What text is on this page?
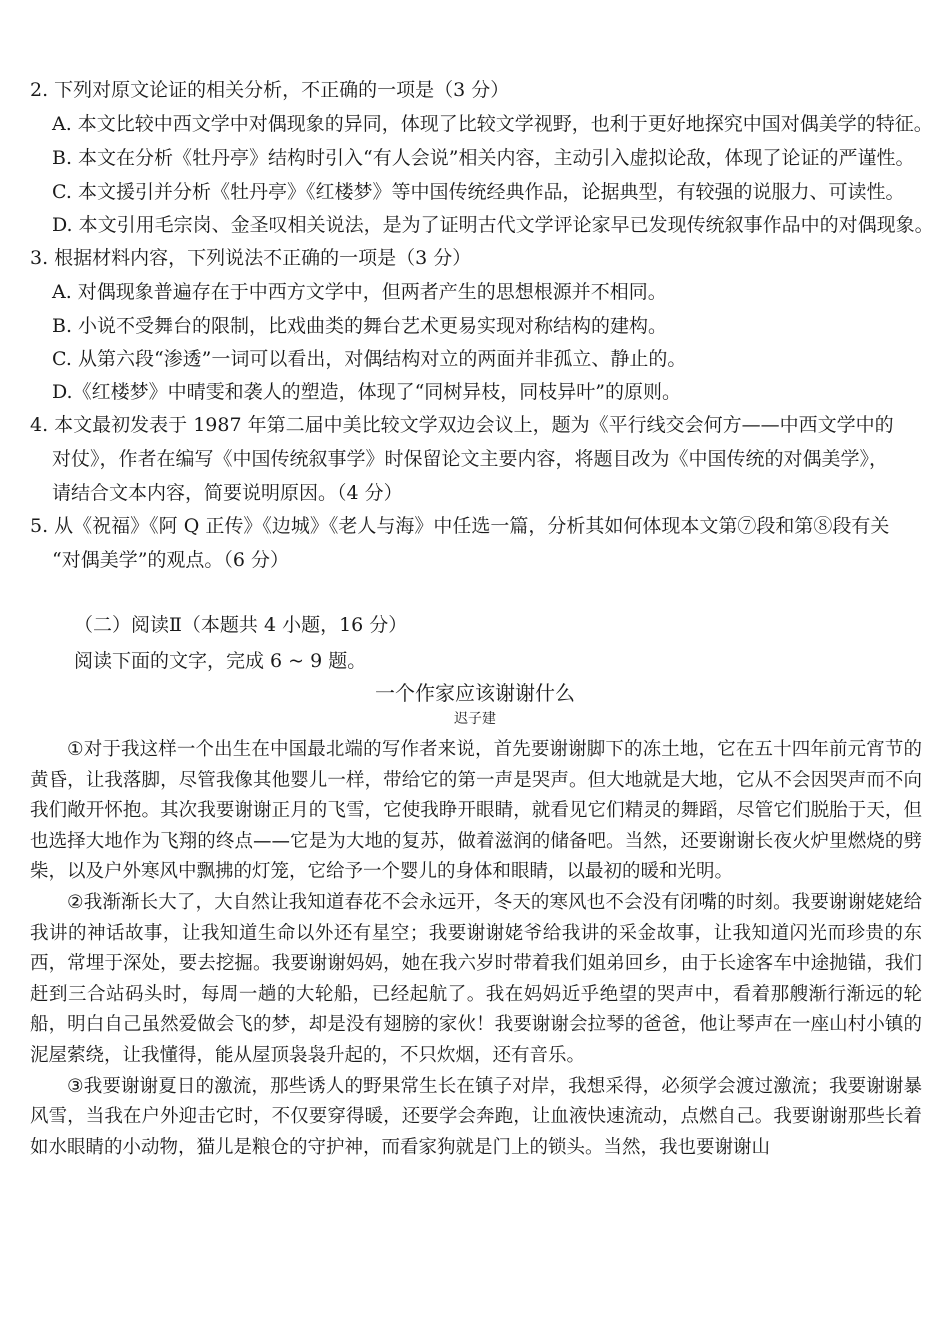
2. 下列对原文论证的相关分析，不正确的一项是（3 分）
A. 本文比较中西文学中对偶现象的异同，体现了比较文学视野，也利于更好地探究中国对偶美学的特征。
B. 本文在分析《牡丹亭》结构时引入“有人会说”相关内容，主动引入虚拟论敌，体现了论证的严谨性。
C. 本文援引并分析《牡丹亭》《红楼梦》等中国传统经典作品，论据典型，有较强的说服力、可读性。
D. 本文引用毛宗岗、金圣叹相关说法，是为了证明古代文学评论家早已发现传统叙事作品中的对偶现象。
3. 根据材料内容，下列说法不正确的一项是（3 分）
A. 对偶现象普遍存在于中西方文学中，但两者产生的思想根源并不相同。
B. 小说不受舞台的限制，比戏曲类的舞台艺术更易实现对称结构的建构。
C. 从第六段“渗透”一词可以看出，对偶结构对立的两面并非孤立、静止的。
D.《红楼梦》中晴雯和袭人的塑造，体现了“同树异枝，同枝异叶”的原则。
4. 本文最初发表于 1987 年第二届中美比较文学双边会议上，题为《平行线交会何方——中西文学中的
对仗》，作者在编写《中国传统叙事学》时保留论文主要内容，将题目改为《中国传统的对偶美学》，
请结合文本内容，简要说明原因。（4 分）
5. 从《祝福》《阿 Q 正传》《边城》《老人与海》中任选一篇，分析其如何体现本文第⑦段和第⑧段有关
“对偶美学”的观点。（6 分）
（二）阅读Ⅱ（本题共 4 小题，16 分）
阅读下面的文字，完成 6 ~ 9 题。
一个作家应该谢谢什么
迟子建

①对于我这样一个出生在中国最北端的写作者来说，首先要谢谢脚下的冻土地，它在五十四年前元宵节的黄昏，让我落脚，尽管我像其他婴儿一样，带给它的第一声是哭声。但大地就是大地，它从不会因哭声而不向我们敞开怀抱。其次我要谢谢正月的飞雪，它使我睁开眼睛，就看见它们精灵的舞蹈，尽管它们脱胎于天，但也选择大地作为飞翔的终点——它是为大地的复苏，做着滋润的储备吧。当然，还要谢谢长夜火炉里燃烧的劈柴，以及户外寒风中飘拂的灯笼，它给予一个婴儿的身体和眼睛，以最初的暖和光明。

②我渐渐长大了，大自然让我知道春花不会永远开，冬天的寒风也不会没有闭嘴的时刻。我要谢谢姥姥给我讲的神话故事，让我知道生命以外还有星空；我要谢谢姥爷给我讲的采金故事，让我知道闪光而珍贵的东西，常埋于深处，要去挖掘。我要谢谢妈妈，她在我六岁时带着我们姐弟回乡，由于长途客车中途抛锚，我们赶到三合站码头时，每周一趟的大轮船，已经起航了。我在妈妈近乎绝望的哭声中，看着那艘渐行渐远的轮船，明白自己虽然爱做会飞的梦，却是没有翅膀的家伙！我要谢谢会拉琴的爸爸，他让琴声在一座山村小镇的泥屋萦绕，让我懂得，能从屋顶袅袅升起的，不只炊烟，还有音乐。

③我要谢谢夏日的激流，那些诱人的野果常生长在镇子对岸，我想采得，必须学会渡过激流；我要谢谢暴风雪，当我在户外迎击它时，不仅要穿得暖，还要学会奔跑，让血液快速流动，点燃自己。我要谢谢那些长着如水眼睛的小动物，猫儿是粮仓的守护神，而看家狗就是门上的锁头。当然，我也要谢谢山
